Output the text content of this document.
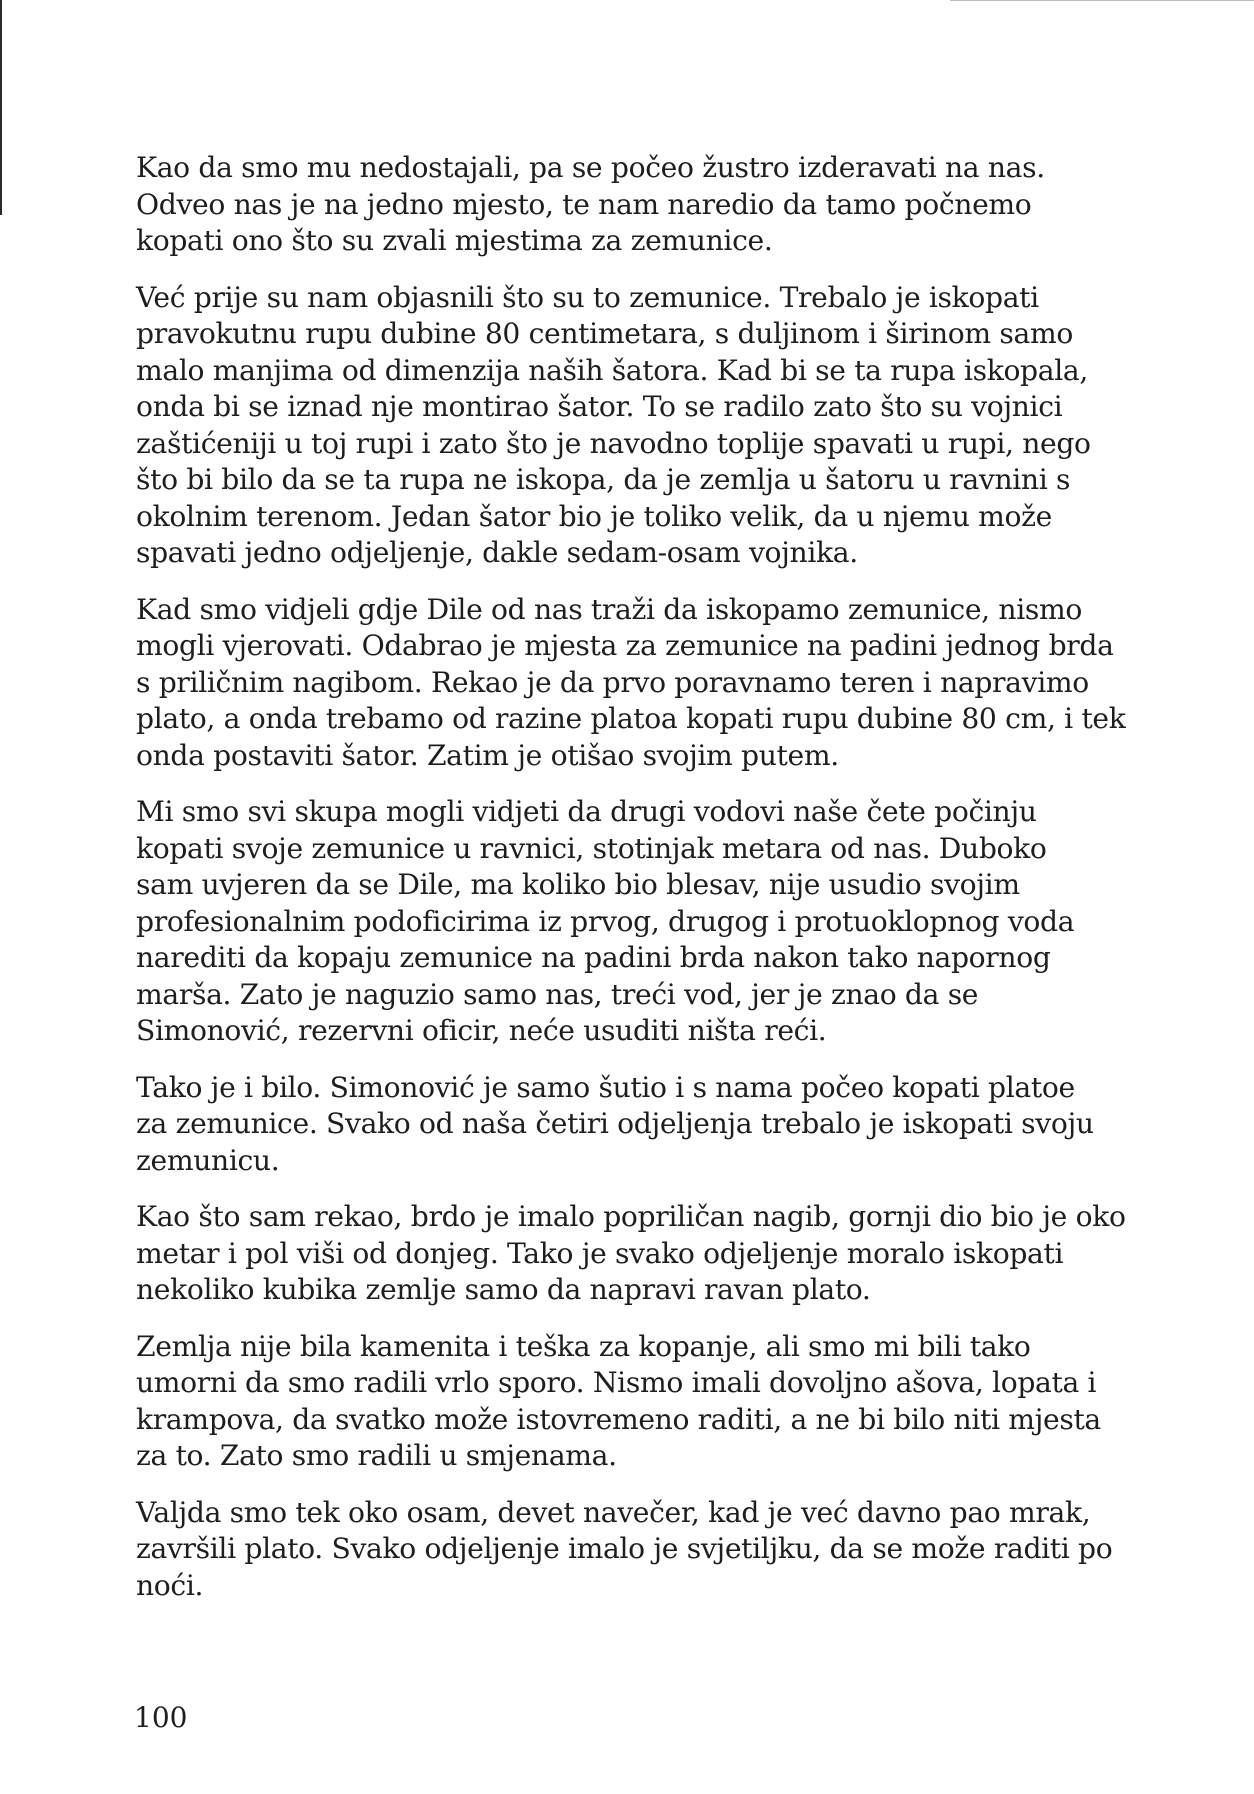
Kao da smo mu nedostajali, pa se počeo žustro izderavati na nas.
Odveo nas je na jedno mjesto, te nam naredio da tamo počnemo
kopati ono što su zvali mjestima za zemunice.

Već prije su nam objasnili što su to zemunice. Trebalo je iskopati
pravokutnu rupu dubine 80 centimetara, s duljinom i širinom samo
malo manjima od dimenzija naših šatora. Kad bi se ta rupa iskopala,
onda bi se iznad nje montirao šator. To se radilo zato što su vojnici
zaštićeniji u toj rupi i zato što je navodno toplije spavati u rupi, nego
što bi bilo da se ta rupa ne iskopa, da je zemlja u šatoru u ravnini s
okolnim terenom. Jedan šator bio je toliko velik, da u njemu može
spavati jedno odjeljenje, dakle sedam-osam vojnika.

Kad smo vidjeli gdje Dile od nas traži da iskopamo zemunice, nismo
mogli vjerovati. Odabrao je mjesta za zemunice na padini jednog brda
s priličnim nagibom. Rekao je da prvo poravnamo teren i napravimo
plato, a onda trebamo od razine platoa kopati rupu dubine 80 cm, i tek
onda postaviti šator. Zatim je otišao svojim putem.

Mi smo svi skupa mogli vidjeti da drugi vodovi naše čete počinju
kopati svoje zemunice u ravnici, stotinjak metara od nas. Duboko
sam uvjeren da se Dile, ma koliko bio blesav, nije usudio svojim
profesionalnim podoficirima iz prvog, drugog i protuoklopnog voda
narediti da kopaju zemunice na padini brda nakon tako napornog
marša. Zato je naguzio samo nas, treći vod, jer je znao da se
Simonović, rezervni oficir, neće usuditi ništa reći.

Tako je i bilo. Simonović je samo šutio i s nama počeo kopati platoe
za zemunice. Svako od naša četiri odjeljenja trebalo je iskopati svoju
zemunicu.

Kao što sam rekao, brdo je imalo popriličan nagib, gornji dio bio je oko
metar i pol viši od donjeg. Tako je svako odjeljenje moralo iskopati
nekoliko kubika zemlje samo da napravi ravan plato.

Zemlja nije bila kamenita i teška za kopanje, ali smo mi bili tako
umorni da smo radili vrlo sporo. Nismo imali dovoljno ašova, lopata i
krampova, da svatko može istovremeno raditi, a ne bi bilo niti mjesta
za to. Zato smo radili u smjenama.

Valjda smo tek oko osam, devet navečer, kad je već davno pao mrak,
završili plato. Svako odjeljenje imalo je svjetiljku, da se može raditi po
noći.

100
